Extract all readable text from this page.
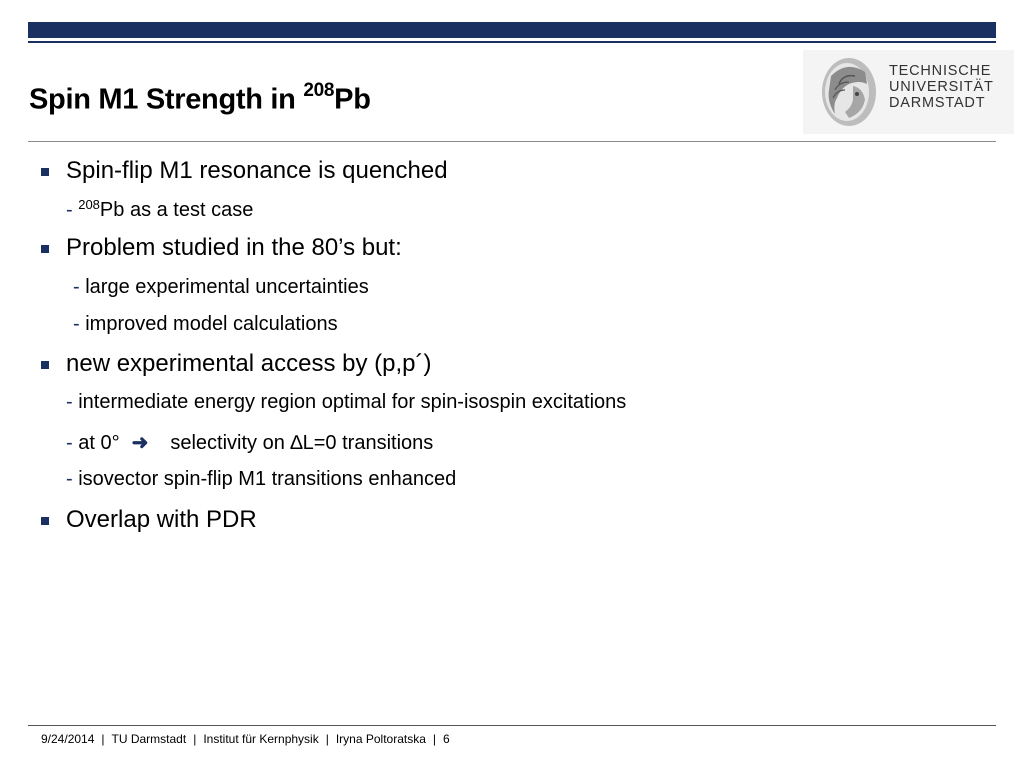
Spin M1 Strength in $^{208}$Pb
TECHNISCHE
UNIVERSITÄT
DARMSTADT
Spin-flip M1 resonance is quenched
- $^{208}$Pb as a test case
Problem studied in the 80’s but:
- large experimental uncertainties
- improved model calculations
new experimental access by (p,p´)
- intermediate energy region optimal for spin-isospin excitations
- at 0° ➜ selectivity on ∆L=0 transitions
- isovector spin-flip M1 transitions enhanced
Overlap with PDR
9/24/2014 | TU Darmstadt | Institut für Kernphysik | Iryna Poltoratska | 6
